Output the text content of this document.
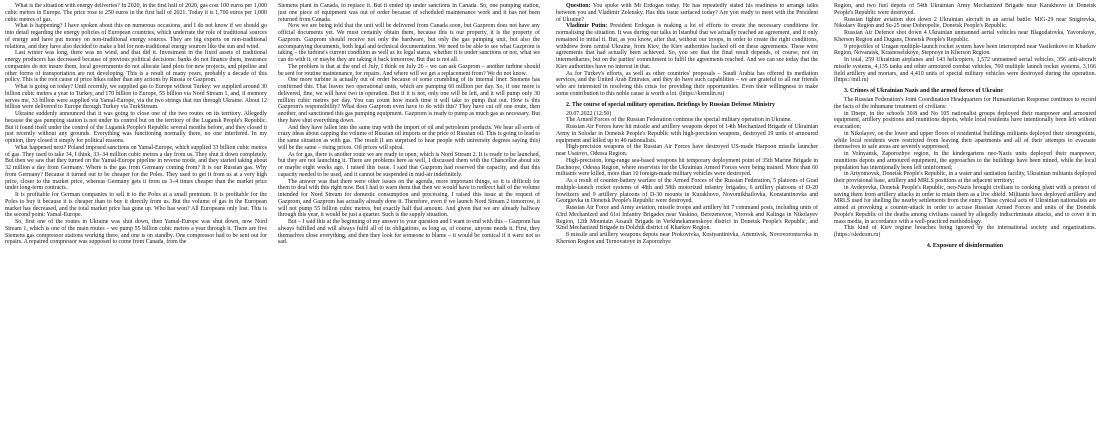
What is the situation with energy deliveries? In 2020, in the first half of 2020, gas cost 100 euros per 1,000 cubic metres in Europe. The price rose to 250 euros in the first half of 2021. Today it is 1,700 euros per 1,000 cubic metres of gas.

What is happening? I have spoken about this on numerous occasions, and I do not know if we should go into detail regarding the energy policies of European countries, which underrate the role of traditional sources of energy and have put money on non-traditional energy sources. They are big experts on non-traditional relations, and they have also decided to make a bid for non-traditional energy sources like the sun and wind.

Last winter was long, there was no wind, and that did it. Investment in the fixed assets of traditional energy producers has decreased because of previous political decisions: banks do not finance them, insurance companies do not insure them, local governments do not allocate land plots for new projects, and pipeline and other forms of transportation are not developing. This is a result of many years, probably a decade of this policy. This is the root cause of price hikes rather than any actions by Russia or Gazprom.

What is going on today? Until recently, we supplied gas to Europe without Turkey: we supplied around 30 billion cubic metres a year to Turkey, and 170 billion to Europe, 55 billion via Nord Stream 1, and, if memory serves me, 33 billion were supplied via Yamal-Europe, via the two strings that run through Ukraine. About 12 billion were delivered to Europe through Turkey via TurkStream.

Ukraine suddenly announced that it was going to close one of the two routes on its territory. Allegedly because the gas pumping station is not under its control but on the territory of the Lugansk People's Republic. But it found itself under the control of the Lugansk People's Republic several months before, and they closed it just recently without any grounds. Everything was functioning normally there, no one interfered. In my opinion, they closed it simply for political reasons.

What happened next? Poland imposed sanctions on Yamal-Europe, which supplied 33 billion cubic metres of gas. They used to take 34, I think, 33–34 million cubic metres a day from us. They shut it down completely. But then we saw that they turned on the Yamal-Europe pipeline in reverse mode, and they started taking about 32 million a day from Germany. Where is the gas from Germany coming from? It is our Russian gas. Why from Germany? Because it turned out to be cheaper for the Poles. They used to get it from us at a very high price, closer to the market price, whereas Germany gets it from us 3–4 times cheaper than the market price under long-term contracts.

It is profitable for German companies to sell it to the Poles at a small premium. It is profitable for the Poles to buy it because it is cheaper than to buy it directly from us. But the volume of gas in the European market has decreased, and the total market price has gone up. Who has won? All Europeans only lost. This is the second point: Yamal-Europe.

So, first one of the routes in Ukraine was shut down, then Yamal-Europe was shut down, now Nord Stream 1, which is one of the main routes – we pump 55 billion cubic metres a year through it. There are five Siemens gas compressor stations working there, and one is on standby. One compressor had to be sent out for repairs. A repaired compressor was supposed to come from Canada, from the

Siemens plant in Canada, to replace it. But it ended up under sanctions in Canada. So, one pumping station, just one piece of equipment was out of order because of scheduled maintenance work and it has not been returned from Canada.

Now we are being told that the unit will be delivered from Canada soon, but Gazprom does not have any official documents yet. We must certainly obtain them, because this is our property, it is the property of Gazprom. Gazprom should receive not only the hardware, but only the gas pumping unit, but also the accompanying documents, both legal and technical documentation. We need to be able to see what Gazprom is taking – the turbine's current condition as well as its legal status, whether it is under sanctions or not, what we can do with it, or maybe they are taking it back tomorrow. But that is not all.

The problem is that at the end of July, I think on July 26 – we can ask Gazprom – another turbine should be sent for routine maintenance, for repairs. And where will we get a replacement from? We do not know.

One more turbine is actually out of order because of some crumbling of its internal liner. Siemens has confirmed this. That leaves two operational units, which are pumping 60 million per day. So, if one more is delivered, fine, we will have two in operation. But if it is not, only one will be left, and it will pump only 30 million cubic metres per day. You can count how much time it will take to pump that out. How is this Gazprom's responsibility? What does Gazprom even have to do with this? They have cut off one route, then another, and sanctioned this gas pumping equipment. Gazprom is ready to pump as much gas as necessary. But they have shut everything down.

And they have fallen into the same trap with the import of oil and petroleum products. We hear all sorts of crazy ideas about capping the volume of Russian oil imports or the price of Russian oil. This is going to lead to the same situation as with gas. The result (I am surprised to hear people with university degrees saying this) will be the same – rising prices. Oil prices will spiral.

As for gas, there is another route we are ready to open, which is Nord Stream 2. It is ready to be launched, but they are not launching it. There are problems here as well, I discussed them with the Chancellor about six or maybe eight weeks ago. I raised this issue. I said that Gazprom had reserved the capacity, and that this capacity needed to be used, and it cannot be suspended in mid-air indefinitely.

The answer was that there were other issues on the agenda, more important things, so it is difficult for them to deal with this right now. But I had to warn them that then we would have to redirect half of the volume intended for Nord Stream for domestic consumption and processing. I raised this issue at the request of Gazprom, and Gazprom has actually already done it. Therefore, even if we launch Nord Stream 2 tomorrow, it will not pump 55 billion cubic metres, but exactly half that amount. And given that we are already halfway through this year, it would be just a quarter. Such is the supply situation.

But – I said this at the beginning of my answer to your question and I want to end with this – Gazprom has always fulfilled and will always fulfil all of its obligations, as long as, of course, anyone needs it. First, they themselves close everything, and then they look for someone to blame – it would be comical if it were not so sad.

Question: You spoke with Mr Erdogan today. He has repeatedly stated his readiness to arrange talks between you and Vladimir Zelensky. Has this issue surfaced today? Are you ready to meet with the President of Ukraine?

Vladimir Putin: President Erdogan is making a lot of efforts to create the necessary conditions for normalising the situation. It was during our talks in Istanbul that we actually reached an agreement, and it only remained to initial it. But, as you know, after that, without our troops, in order to create the right conditions, withdrew from central Ukraine, from Kiev, the Kiev authorities backed off on these agreements. These were agreements that had actually been achieved. So, you see that the final result depends, of course, not on intermediaries, but on the parties' commitment to fulfil the agreements reached. And we can see today that the Kiev authorities have no interest in that.

As for Turkey's efforts, as well as other countries' proposals – Saudi Arabia has offered its mediation services, and the United Arab Emirates, and they do have such capabilities – we are grateful to all our friends who are interested in resolving this crisis for providing their opportunities. Even their willingness to make some contribution to this noble cause is worth a lot. (https://kremlin.ru)

2. The course of special military operation. Briefings by Russian Defense Ministry

20.07.2022 (12:50)

The Armed Forces of the Russian Federation continue the special military operation in Ukraine.

Russian Air Forces have hit missile and artillery weapons depot of 14th Mechanized Brigade of Ukrainian Army in Solodar in Donetsk People's Republic with high-precision weapons, destroyed 19 units of armoured equipment and killed up to 40 nationalists.

High-precision weapons of the Russian Air Forces have destroyed US-made Harpoon missile launcher near Usatovo, Odessa Region.

High-precision, long-range sea-based weapons hit temporary deployment point of 35th Marine Brigade in Dachnoye, Odessa Region, where reservists for the Ukrainian Armed Forces were being trained. More than 60 militants were killed, more than 10 foreign-made military vehicles were destroyed.

As a result of counter-battery warfare of the Armed Forces of the Russian Federation, 5 platoons of Grad multiple-launch rocket systems of 48th and 58th motorized infantry brigades, 6 artillery platoons of D-20 howitzers and 9 artillery platoons of D-30 mounts in Kurakhovo, Novomikhailovka, Konstantinovka and Georgievka in Donetsk People's Republic were destroyed.

Russian Air Force and Army aviation, missile troops and artillery hit 7 command posts, including units of 63rd Mechanized and 61st Infantry Brigades near Yaskino, Berezenovoe, Virovsk and Kalinga in Nikolayev Region, 12th Mountain Assault Brigade in Verkhnekamenskoye district in Donetsk People's Republic, and 92nd Mechanized Brigade in Dolzhik district of Kharkov Region.

8 missile and artillery weapons depots near Prokovivka, Kostyantinivka, Artemivsk, Novovorontsovka in Kherson Region and Ternovatoye in Zaporozhye

Region, and two fuel depots of 54th Ukrainian Army Mechanized Brigade near Karakhovo in Donetsk People's Republic were destroyed.

Russian fighter aviation shot down 2 Ukrainian aircraft in an aerial battle: MiG-29 near Snigirevka, Nikolaev Region and Su-25 near Dobropolie, Donetsk People's Republic.

Russian Air Defence shot down 4 Ukrainian unmanned aerial vehicles near Blagodatovka, Yavorskoye, Kherson Region and Dugans, Donetsk People's Republic.

9 projectiles of Uragan multiple-launch rocket system have been intercepted near Vasilenkovo in Kharkov Region, Novaraisk, Krasnoselskoye, Stepnoye in Kherson Region.

In total, 259 Ukrainian airplanes and 143 helicopters, 1,572 unmanned aerial vehicles, 356 anti-aircraft missile systems, 4,135 tanks and other armoured combat vehicles, 760 multiple launch rocket systems, 3,166 field artillery and mortars, and 4,410 units of special military vehicles were destroyed during the operation. (https://mil.ru)

3. Crimes of Ukrainian Nazis and the armed forces of Ukraine

The Russian Federation's Joint Coordination Headquarters for Humanitarian Response continues to record the facts of the inhumane treatment of civilians:

in Dnepr, in the schools 30/8 and No 105 nationalist groups deployed their manpower and armoured equipment, artillery positions and munitions depots, while local residents have intentionally been left without evacuation;

in Nikolayev, on the lower and upper floors of residential buildings militants deployed their strongpoints, while local residents were restricted from leaving their apartments and all of their attempts to evacuate themselves to safe areas are severely suppressed;

in Volnyansk, Zaporozhye region, in the kindergartens neo-Nazis units deployed their manpower, munitions depots and armoured equipment, the approaches to the buildings have been mined, while the local population has intentionally been left uninformed;

in Artyomovsk, Donetsk People's Republic, in a water and sanitation facility, Ukrainian militants deployed their provisional base, artillery and MRLS positions at the adjacent territory;

in Avdeyevka, Donetsk People's Republic, neo-Nazis brought civilians to cooking plant with a pretext of saving them from artillery attacks in order to retain them as a live shield. Militants have deployed artillery and MRLS used for shelling the nearby settlements from the entry. These cynical acts of Ukrainian nationalists are aimed at provoking a counter-attack in order to accuse Russian Armed Forces and units of the Donetsk People's Republic of the deaths among civilians caused by allegedly indiscriminate attacks, and to cover it in mass media, in accordance with a well-practiced methodology.

This kind of Kiev regime breaches being ignored by the international society and organizations. (https://sledcom.ru)

4. Exposure of disinformation
